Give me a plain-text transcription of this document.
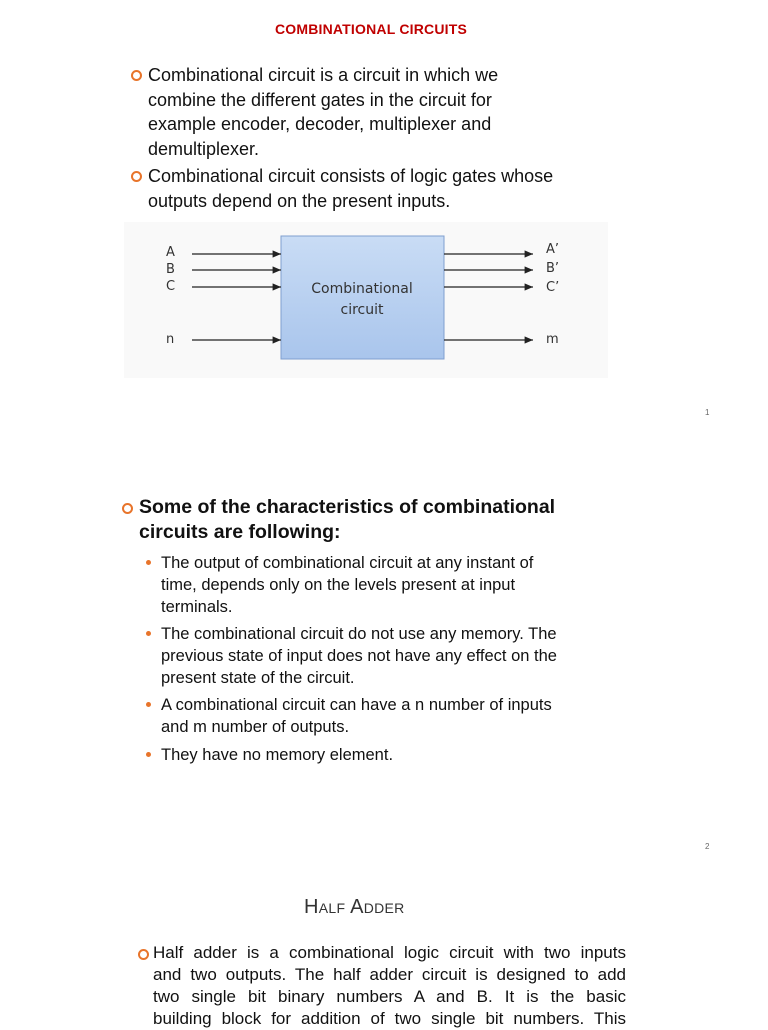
COMBINATIONAL CIRCUITS
Combinational circuit is a circuit in which we
combine the different gates in the circuit for
example encoder, decoder, multiplexer and
demultiplexer.
Combinational circuit consists of logic gates whose
outputs depend on the present inputs.
A
B
C
n
A’
B’
C’
m
Combinational
circuit
1
Some of the characteristics of combinational
circuits are following:
The output of combinational circuit at any instant of
time, depends only on the levels present at input
terminals.
The combinational circuit do not use any memory. The
previous state of input does not have any effect on the
present state of the circuit.
A combinational circuit can have a n number of inputs
and m number of outputs.
They have no memory element.
2
Half Adder
Half adder is a combinational logic circuit with two inputs
and two outputs. The half adder circuit is designed to add
two single bit binary numbers A and B. It is the basic
building block for addition of two single bit numbers. This
